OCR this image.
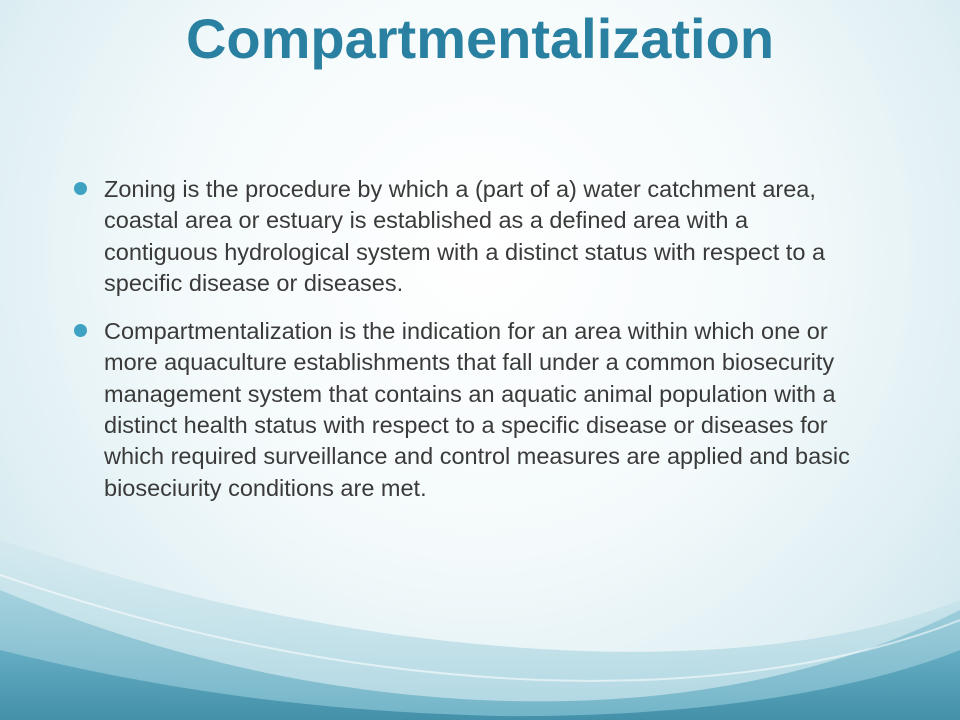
Compartmentalization
Zoning is the procedure by which a (part of a) water catchment area, coastal area or estuary is established as a defined area with a contiguous hydrological system with a distinct status with respect to a specific disease or diseases.
Compartmentalization is the indication for an area within which one or more aquaculture establishments that fall under a common biosecurity management system that contains an aquatic animal population with a distinct health status with respect to a specific disease or diseases for which required surveillance and control measures are applied and basic bioseciurity conditions are met.
